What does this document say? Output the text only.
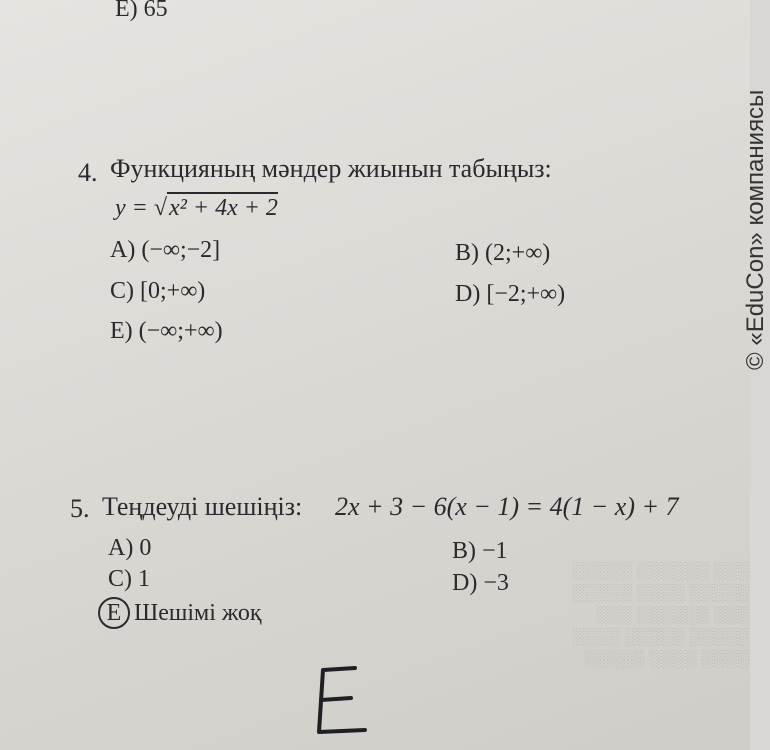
░░░ ░░░░░░ ░░░░░
░░░░░ ░░░░ ░░░░░
░░░ ░░░░░░ ░░░
░░░░░ ░░░░░ ░░░░
░░░░ ░░░░ ░░░░░
E) 65
4. Функцияның мәндер жиынын табыңыз:
y = √x² + 4x + 2
A) (−∞;−2]	B) (2;+∞)
C) [0;+∞)	D) [−2;+∞)
E) (−∞;+∞)
5. Теңдеуді шешіңіз: 2x + 3 − 6(x − 1) = 4(1 − x) + 7
A) 0	B) −1
C) 1	D) −3
E Шешімі жоқ
© «EduCon» компаниясы
